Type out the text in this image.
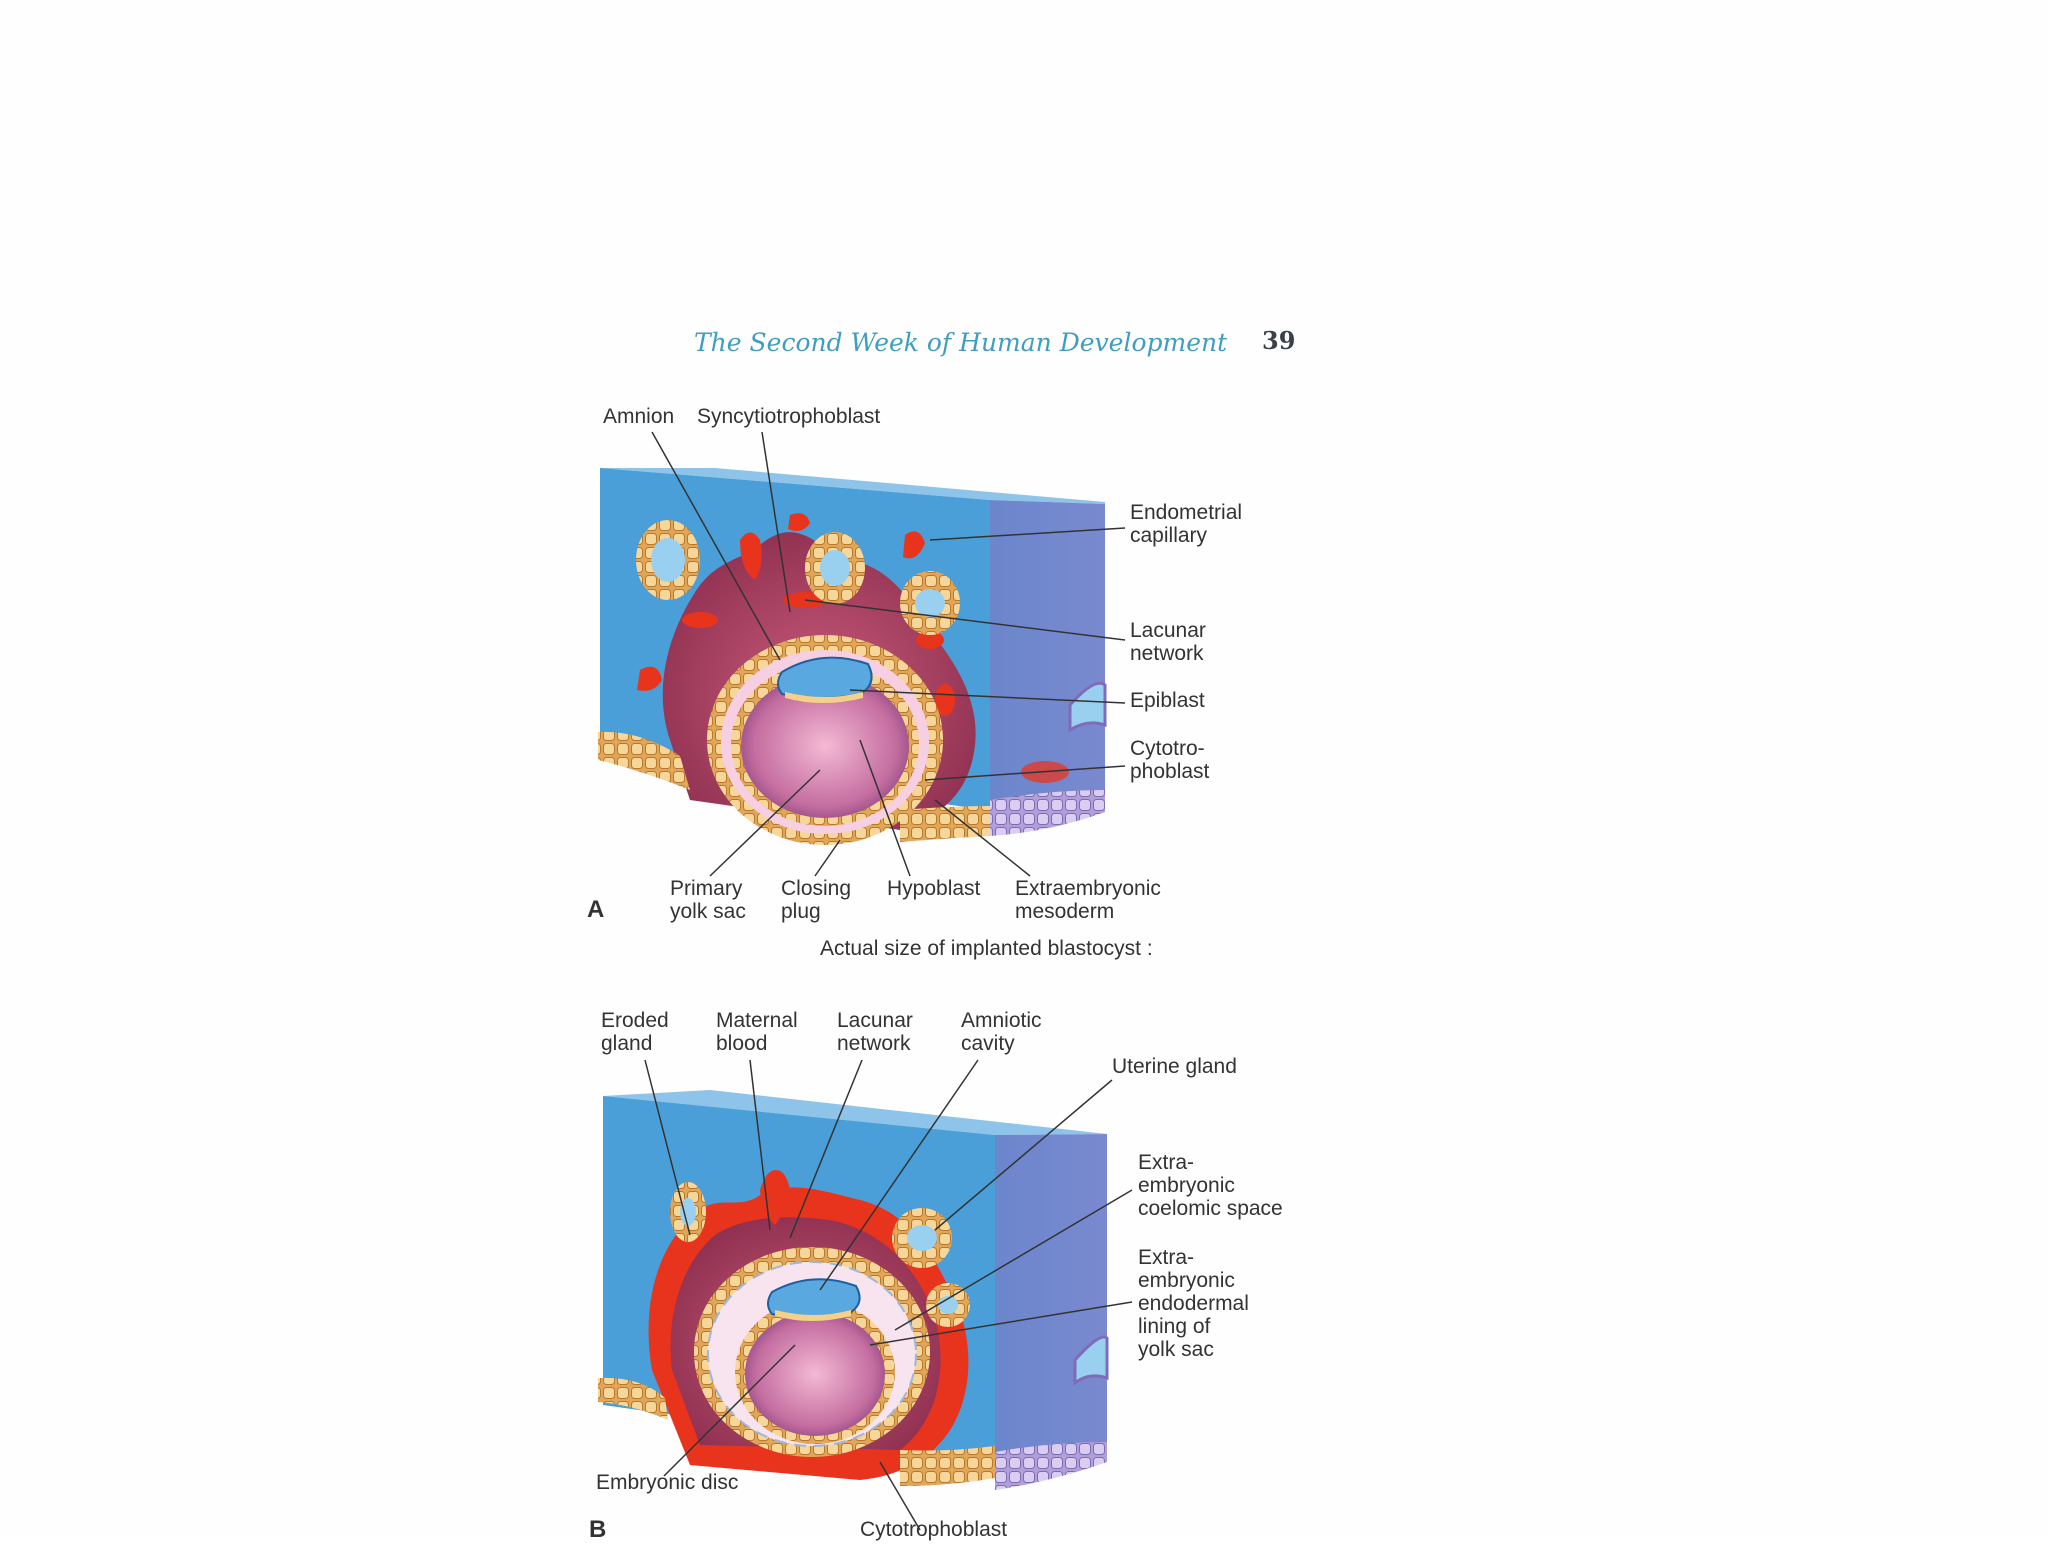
The Second Week of Human Development 39
Amnion Syncytiotrophoblast
Endometrial
capillary
Lacunar
network
Epiblast
Cytotro-
phoblast
Primary
yolk sac
Closing
plug
Hypoblast Extraembryonic
mesoderm
A
Actual size of implanted blastocyst :
Eroded
gland
Maternal
blood
Lacunar
network
Amniotic
cavity
Uterine gland
Extra-
embryonic
coelomic space
Extra-
embryonic
endodermal
lining of
yolk sac
Embryonic disc
B	Cytotrophoblast
